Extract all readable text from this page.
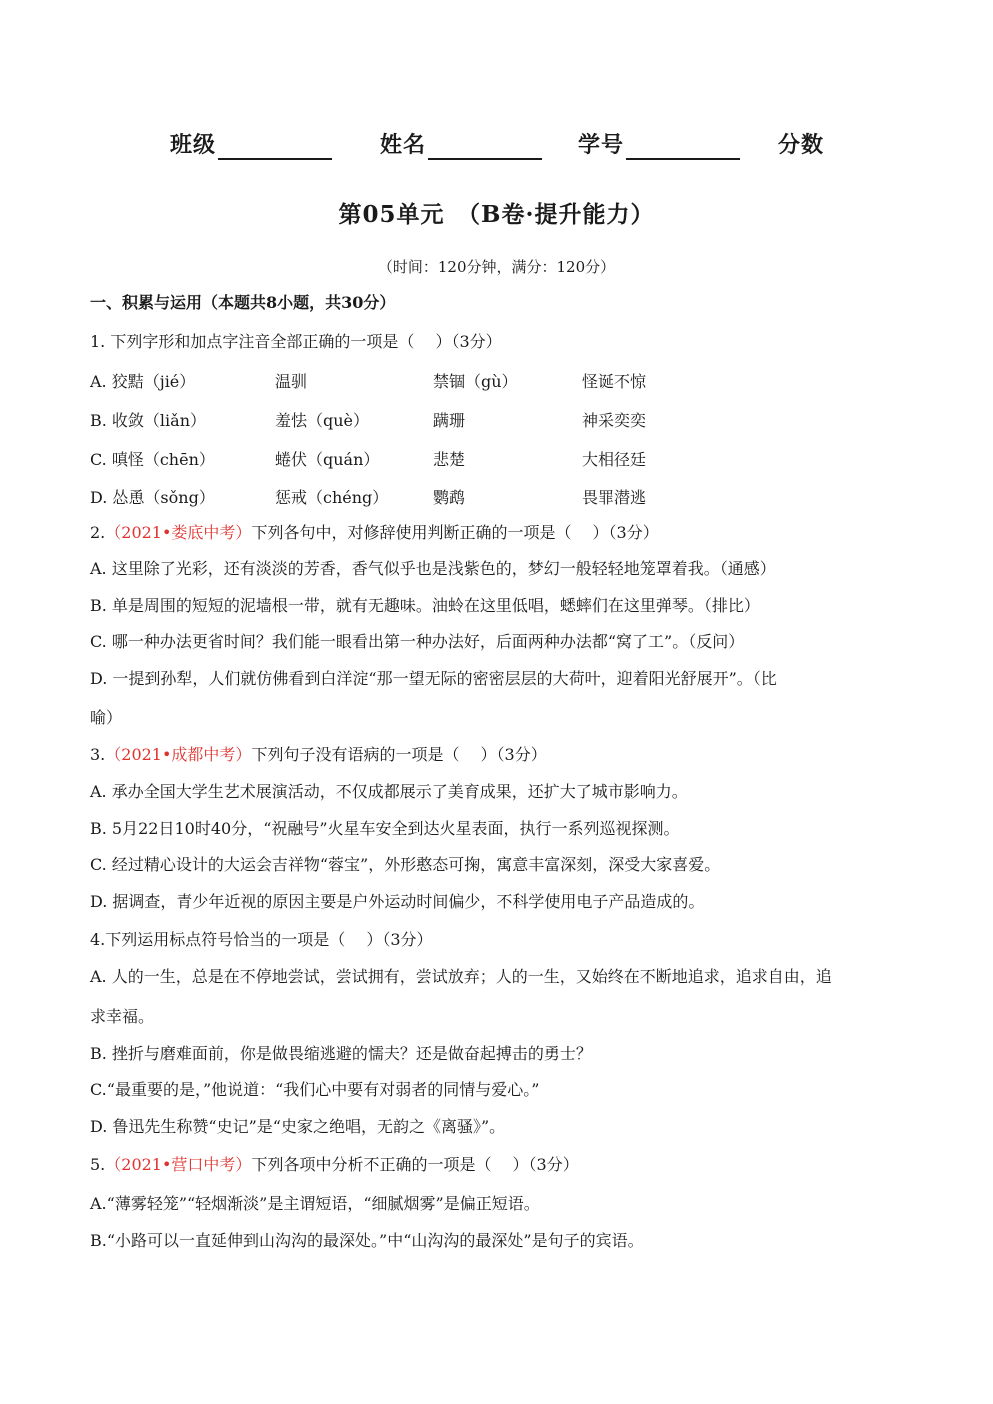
班级	姓名	学号	分数
第05单元　（B卷·提升能力）
（时间：120分钟，满分：120分）
一、积累与运用（本题共8小题，共30分）
1. 下列字形和加点字注音全部正确的一项是（　 ）（3分）
A. 狡黠（jié）	温驯	禁锢（gù）	怪诞不惊
B. 收敛（liǎn）	羞怯（què）	蹒珊	神采奕奕
C. 嗔怪（chēn）	蜷伏（quán）	悲楚	大相径廷
D. 怂恿（sǒng）	惩戒（chéng）	鹦鹉	畏罪潜逃
2.（2021•娄底中考）下列各句中，对修辞使用判断正确的一项是（　 ）（3分）
A. 这里除了光彩，还有淡淡的芳香，香气似乎也是浅紫色的，梦幻一般轻轻地笼罩着我。（通感）
B. 单是周围的短短的泥墙根一带，就有无趣味。油蛉在这里低唱，蟋蟀们在这里弹琴。（排比）
C. 哪一种办法更省时间？我们能一眼看出第一种办法好，后面两种办法都“窝了工”。（反问）
D. 一提到孙犁，人们就仿佛看到白洋淀“那一望无际的密密层层的大荷叶，迎着阳光舒展开”。（比
喻）
3.（2021•成都中考）下列句子没有语病的一项是（　 ）（3分）
A. 承办全国大学生艺术展演活动，不仅成都展示了美育成果，还扩大了城市影响力。
B. 5月22日10时40分，“祝融号”火星车安全到达火星表面，执行一系列巡视探测。
C. 经过精心设计的大运会吉祥物“蓉宝”，外形憨态可掬，寓意丰富深刻，深受大家喜爱。
D. 据调查，青少年近视的原因主要是户外运动时间偏少，不科学使用电子产品造成的。
4.下列运用标点符号恰当的一项是（　 ）（3分）
A. 人的一生，总是在不停地尝试，尝试拥有，尝试放弃；人的一生，又始终在不断地追求，追求自由，追
求幸福。
B. 挫折与磨难面前，你是做畏缩逃避的懦夫？还是做奋起搏击的勇士？
C.“最重要的是，”他说道：“我们心中要有对弱者的同情与爱心。”
D. 鲁迅先生称赞“史记”是“史家之绝唱，无韵之《离骚》”。
5.（2021•营口中考）下列各项中分析不正确的一项是（　 ）（3分）
A.“薄雾轻笼”“轻烟渐淡”是主谓短语，“细腻烟雾”是偏正短语。
B.“小路可以一直延伸到山沟沟的最深处。”中“山沟沟的最深处”是句子的宾语。
